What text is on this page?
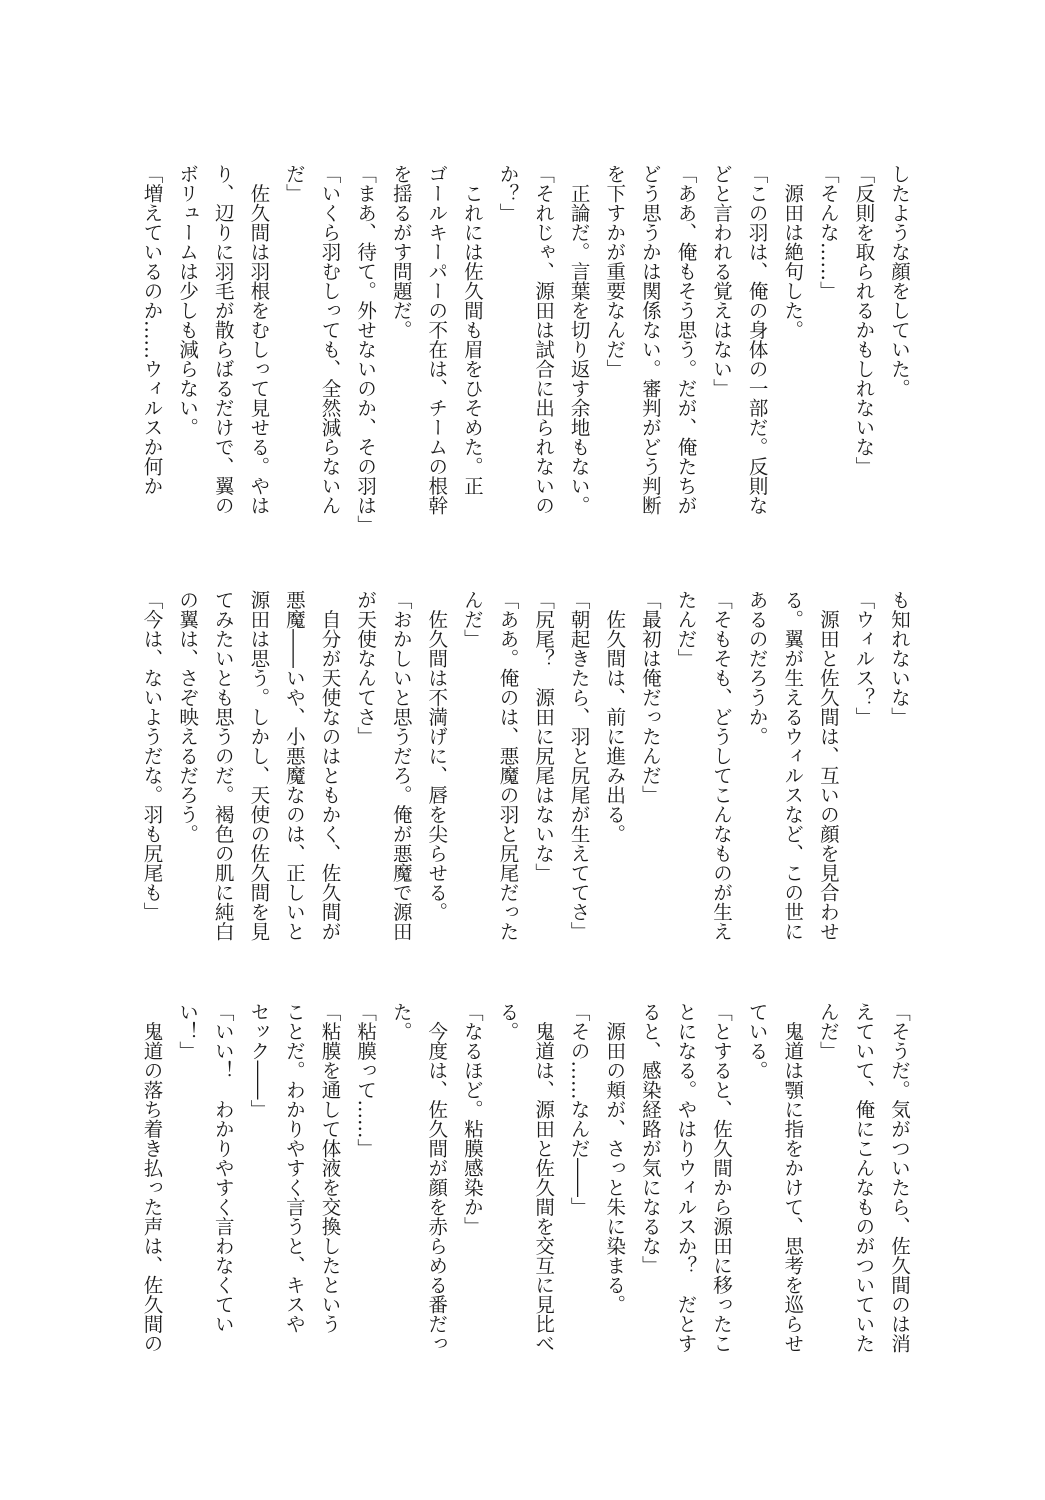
したような顔をしていた。
「反則を取られるかもしれないな」
「そんな……」
　源田は絶句した。
「この羽は、俺の身体の一部だ。反則な
どと言われる覚えはない」
「ああ、俺もそう思う。だが、俺たちが
どう思うかは関係ない。審判がどう判断
を下すかが重要なんだ」
　正論だ。言葉を切り返す余地もない。
「それじゃ、源田は試合に出られないの
か？」
　これには佐久間も眉をひそめた。正
ゴールキーパーの不在は、チームの根幹
を揺るがす問題だ。
「まあ、待て。外せないのか、その羽は」
「いくら羽むしっても、全然減らないん
だ」
　佐久間は羽根をむしって見せる。やは
り、辺りに羽毛が散らばるだけで、翼の
ボリュームは少しも減らない。
「増えているのか……ウィルスか何か
も知れないな」
「ウィルス？」
　源田と佐久間は、互いの顔を見合わせ
る。翼が生えるウィルスなど、この世に
あるのだろうか。
「そもそも、どうしてこんなものが生え
たんだ」
「最初は俺だったんだ」
　佐久間は、前に進み出る。
「朝起きたら、羽と尻尾が生えててさ」
「尻尾？　源田に尻尾はないな」
「ああ。俺のは、悪魔の羽と尻尾だった
んだ」
　佐久間は不満げに、唇を尖らせる。
「おかしいと思うだろ。俺が悪魔で源田
が天使なんてさ」
　自分が天使なのはともかく、佐久間が
悪魔――いや、小悪魔なのは、正しいと
源田は思う。しかし、天使の佐久間を見
てみたいとも思うのだ。褐色の肌に純白
の翼は、さぞ映えるだろう。
「今は、ないようだな。羽も尻尾も」
「そうだ。気がついたら、佐久間のは消
えていて、俺にこんなものがついていた
んだ」
　鬼道は顎に指をかけて、思考を巡らせ
ている。
「とすると、佐久間から源田に移ったこ
とになる。やはりウィルスか？　だとす
ると、感染経路が気になるな」
　源田の頬が、さっと朱に染まる。
「その……なんだ――」
　鬼道は、源田と佐久間を交互に見比べ
る。
「なるほど。粘膜感染か」
　今度は、佐久間が顔を赤らめる番だっ
た。
「粘膜って……」
「粘膜を通して体液を交換したという
ことだ。わかりやすく言うと、キスや
セック――」
「いい！　わかりやすく言わなくてい
い！」
　鬼道の落ち着き払った声は、佐久間の
